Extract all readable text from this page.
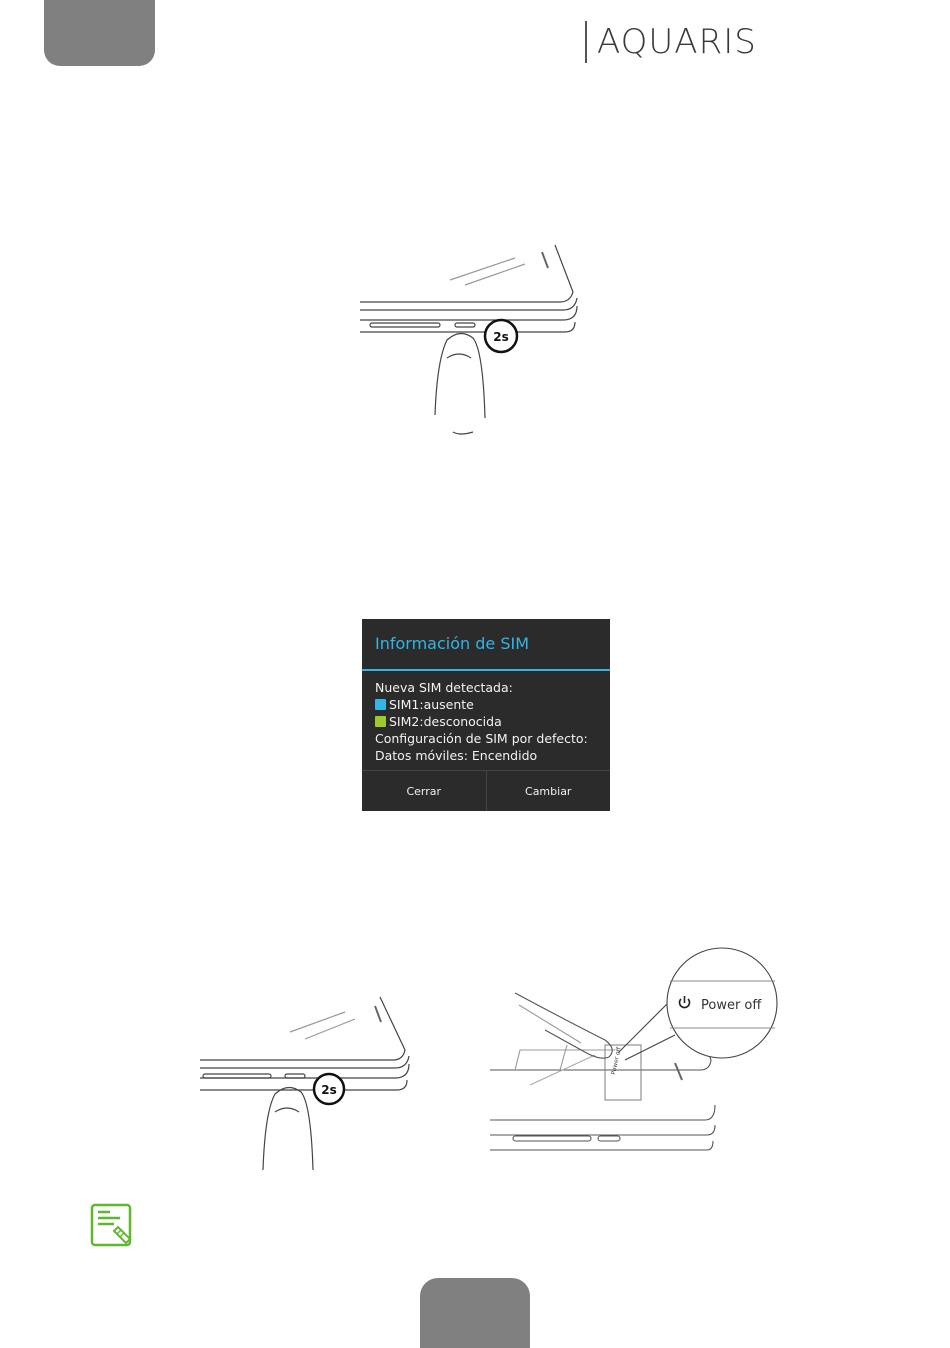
AQUARIS
2s
Información de SIM
Nueva SIM detectada:
SIM1:ausente
SIM2:desconocida
Configuración de SIM por defecto:
Datos móviles: Encendido
Cerrar	Cambiar
2s
Power off
Power off
